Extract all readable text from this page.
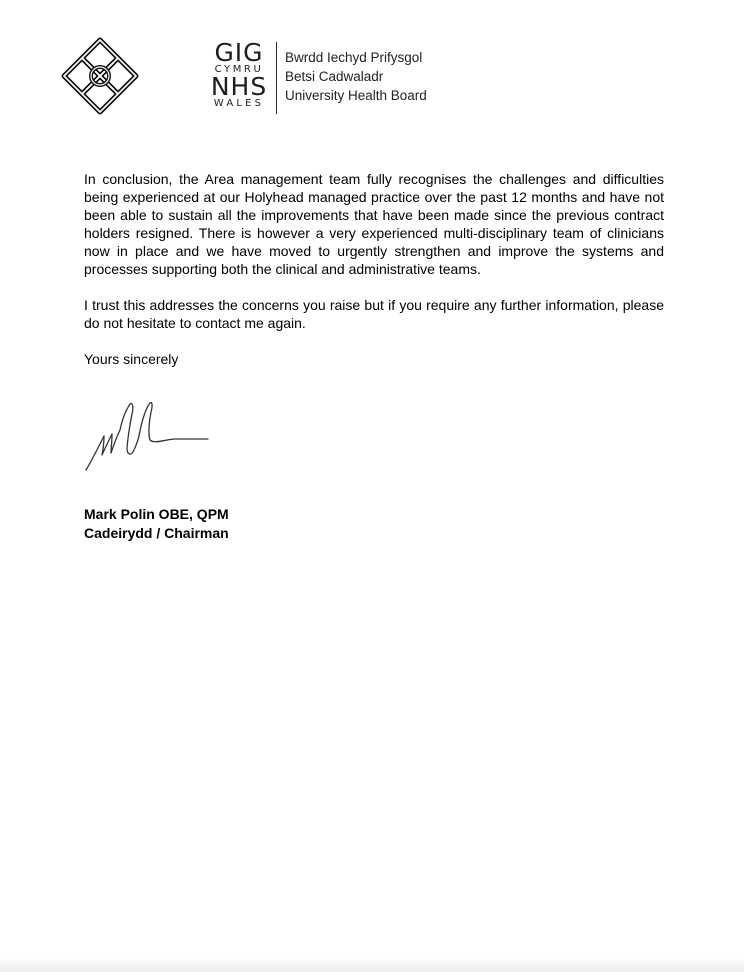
GIG
CYMRU
NHS
WALES
Bwrdd Iechyd Prifysgol
Betsi Cadwaladr
University Health Board

In conclusion, the Area management team fully recognises the challenges and difficulties being experienced at our Holyhead managed practice over the past 12 months and have not been able to sustain all the improvements that have been made since the previous contract holders resigned. There is however a very experienced multi-disciplinary team of clinicians now in place and we have moved to urgently strengthen and improve the systems and processes supporting both the clinical and administrative teams.

I trust this addresses the concerns you raise but if you require any further information, please do not hesitate to contact me again.

Yours sincerely

Mark Polin OBE, QPM
Cadeirydd / Chairman
